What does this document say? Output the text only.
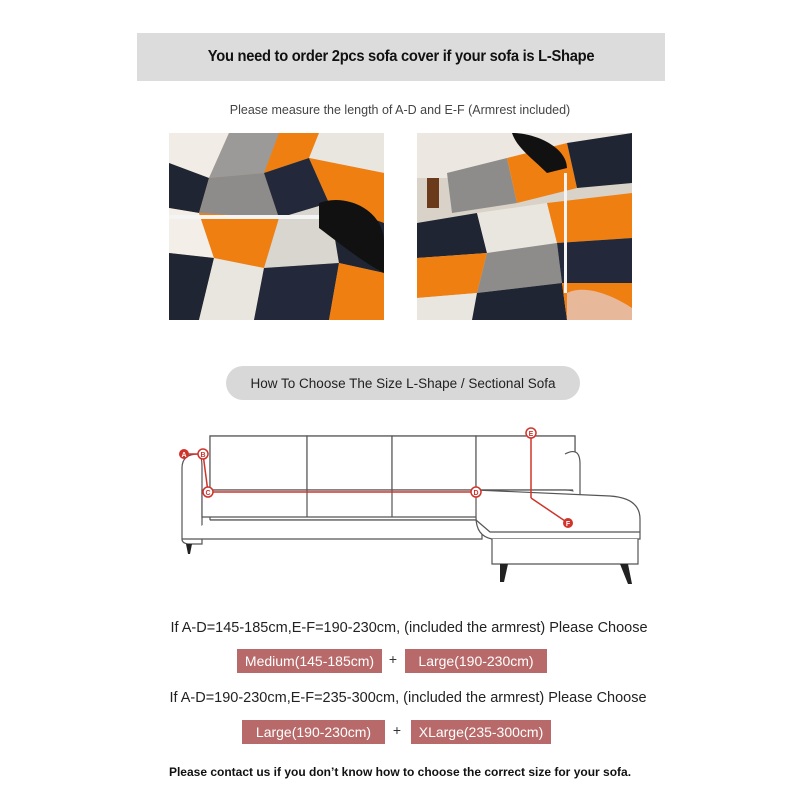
You need to order 2pcs sofa cover if your sofa is L-Shape
Please measure the length of A-D and E-F (Armrest included)
How To Choose The Size L-Shape / Sectional Sofa
A B
C	D
E
F
If A-D=145-185cm,E-F=190-230cm, (included the armrest) Please Choose
Medium(145-185cm)	+	Large(190-230cm)
If A-D=190-230cm,E-F=235-300cm, (included the armrest) Please Choose
Large(190-230cm)	+	XLarge(235-300cm)
Please contact us if you don’t know how to choose the correct size for your sofa.
